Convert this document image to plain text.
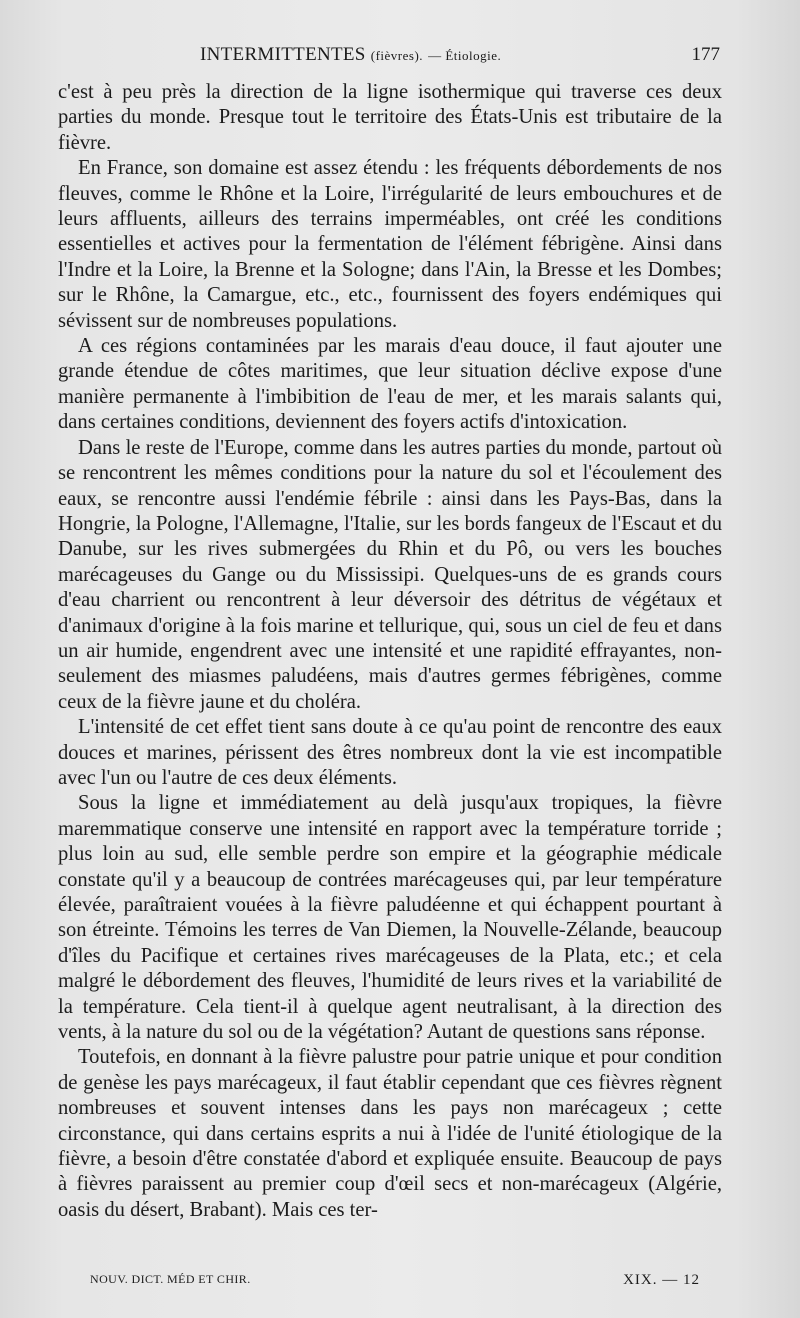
INTERMITTENTES (fièvres). — Étiologie.	177

c'est à peu près la direction de la ligne isothermique qui traverse ces deux parties du monde. Presque tout le territoire des États-Unis est tributaire de la fièvre.

En France, son domaine est assez étendu : les fréquents débordements de nos fleuves, comme le Rhône et la Loire, l'irrégularité de leurs embouchures et de leurs affluents, ailleurs des terrains imperméables, ont créé les conditions essentielles et actives pour la fermentation de l'élément fébrigène. Ainsi dans l'Indre et la Loire, la Brenne et la Sologne; dans l'Ain, la Bresse et les Dombes; sur le Rhône, la Camargue, etc., etc., fournissent des foyers endémiques qui sévissent sur de nombreuses populations.

A ces régions contaminées par les marais d'eau douce, il faut ajouter une grande étendue de côtes maritimes, que leur situation déclive expose d'une manière permanente à l'imbibition de l'eau de mer, et les marais salants qui, dans certaines conditions, deviennent des foyers actifs d'intoxication.

Dans le reste de l'Europe, comme dans les autres parties du monde, partout où se rencontrent les mêmes conditions pour la nature du sol et l'écoulement des eaux, se rencontre aussi l'endémie fébrile : ainsi dans les Pays-Bas, dans la Hongrie, la Pologne, l'Allemagne, l'Italie, sur les bords fangeux de l'Escaut et du Danube, sur les rives submergées du Rhin et du Pô, ou vers les bouches marécageuses du Gange ou du Mississipi. Quelques-uns de es grands cours d'eau charrient ou rencontrent à leur déversoir des détritus de végétaux et d'animaux d'origine à la fois marine et tellurique, qui, sous un ciel de feu et dans un air humide, engendrent avec une intensité et une rapidité effrayantes, non-seulement des miasmes paludéens, mais d'autres germes fébrigènes, comme ceux de la fièvre jaune et du choléra.

L'intensité de cet effet tient sans doute à ce qu'au point de rencontre des eaux douces et marines, périssent des êtres nombreux dont la vie est incompatible avec l'un ou l'autre de ces deux éléments.

Sous la ligne et immédiatement au delà jusqu'aux tropiques, la fièvre maremmatique conserve une intensité en rapport avec la température torride ; plus loin au sud, elle semble perdre son empire et la géographie médicale constate qu'il y a beaucoup de contrées marécageuses qui, par leur température élevée, paraîtraient vouées à la fièvre paludéenne et qui échappent pourtant à son étreinte. Témoins les terres de Van Diemen, la Nouvelle-Zélande, beaucoup d'îles du Pacifique et certaines rives marécageuses de la Plata, etc.; et cela malgré le débordement des fleuves, l'humidité de leurs rives et la variabilité de la température. Cela tient-il à quelque agent neutralisant, à la direction des vents, à la nature du sol ou de la végétation? Autant de questions sans réponse.

Toutefois, en donnant à la fièvre palustre pour patrie unique et pour condition de genèse les pays marécageux, il faut établir cependant que ces fièvres règnent nombreuses et souvent intenses dans les pays non marécageux ; cette circonstance, qui dans certains esprits a nui à l'idée de l'unité étiologique de la fièvre, a besoin d'être constatée d'abord et expliquée ensuite. Beaucoup de pays à fièvres paraissent au premier coup d'œil secs et non-marécageux (Algérie, oasis du désert, Brabant). Mais ces ter-

NOUV. DICT. MÉD ET CHIR.	XIX. — 12
